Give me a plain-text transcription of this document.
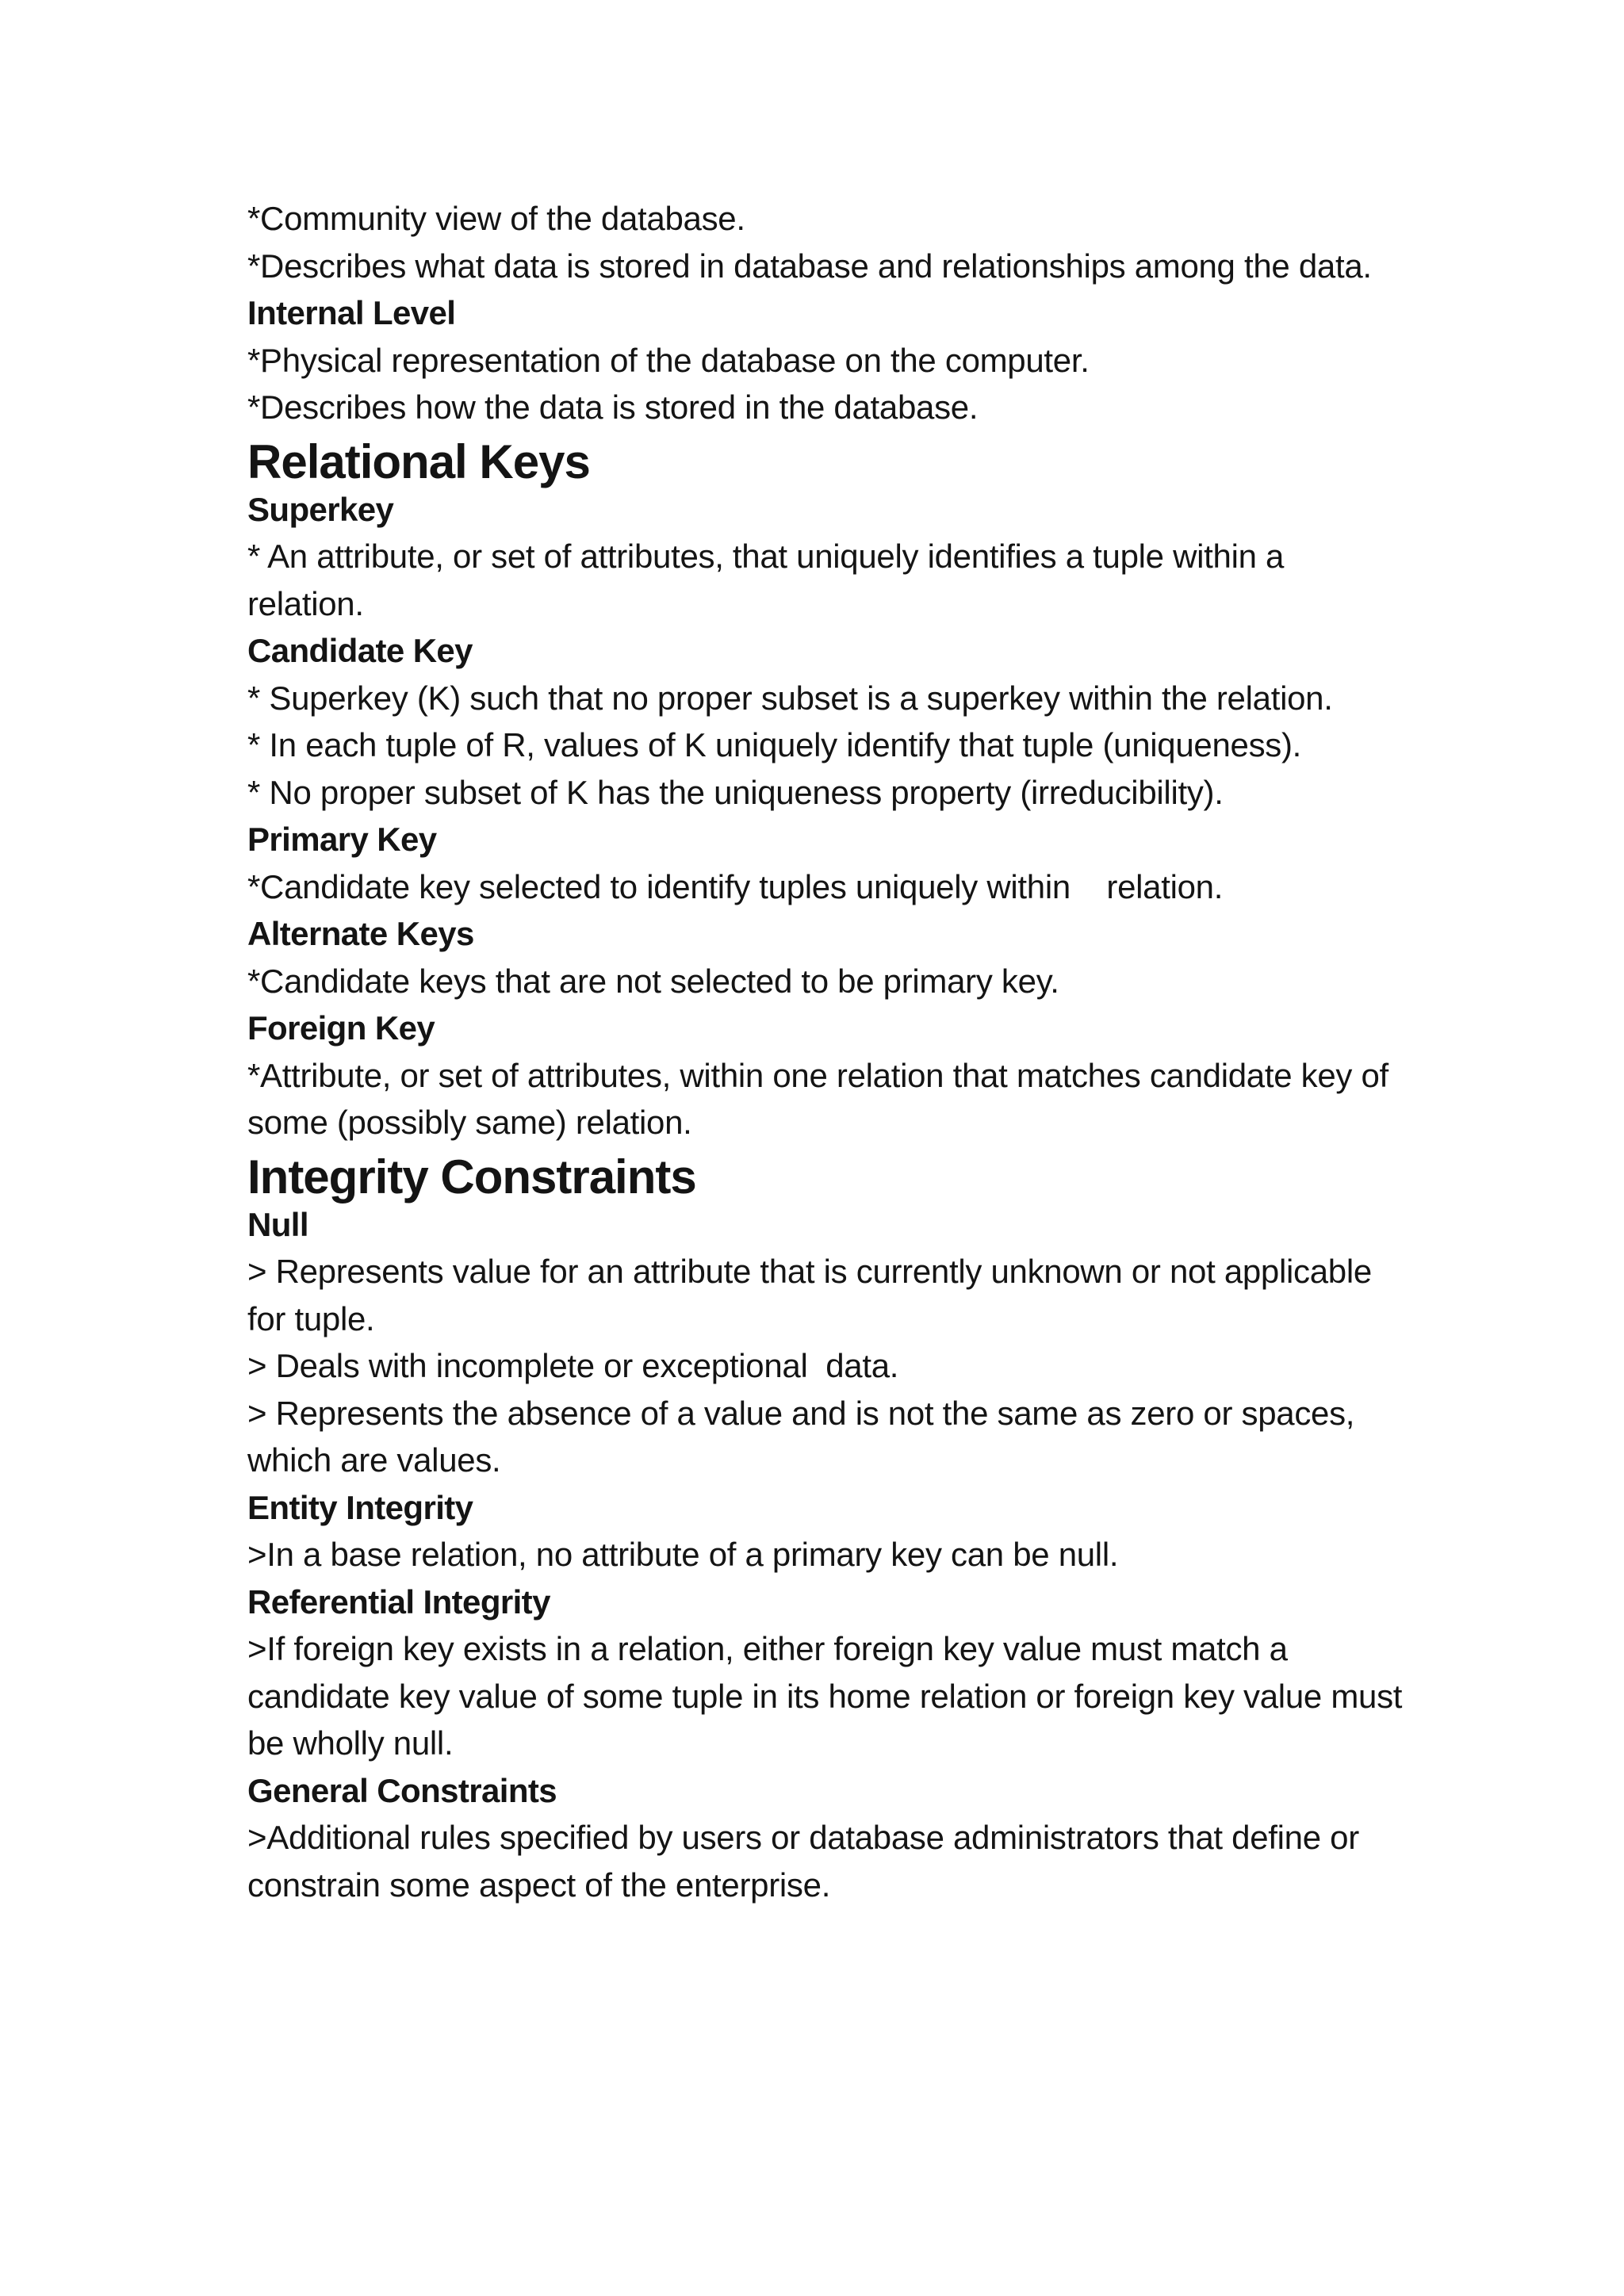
*Community view of the database.

*Describes what data is stored in database and relationships among the data.

Internal Level

*Physical representation of the database on the computer.

*Describes how the data is stored in the database.

Relational Keys

Superkey

* An attribute, or set of attributes, that uniquely identifies a tuple within a relation.

Candidate Key

* Superkey (K) such that no proper subset is a superkey within the relation.

* In each tuple of R, values of K uniquely identify that tuple (uniqueness).

* No proper subset of K has the uniqueness property (irreducibility).

Primary Key

*Candidate key selected to identify tuples uniquely within    relation.

Alternate Keys

*Candidate keys that are not selected to be primary key.

Foreign Key

*Attribute, or set of attributes, within one relation that matches candidate key of some (possibly same) relation.

Integrity Constraints

Null

> Represents value for an attribute that is currently unknown or not applicable for tuple.

> Deals with incomplete or exceptional  data.

> Represents the absence of a value and is not the same as zero or spaces, which are values.

Entity Integrity

>In a base relation, no attribute of a primary key can be null.

Referential Integrity

>If foreign key exists in a relation, either foreign key value must match a candidate key value of some tuple in its home relation or foreign key value must be wholly null.

General Constraints

>Additional rules specified by users or database administrators that define or constrain some aspect of the enterprise.
